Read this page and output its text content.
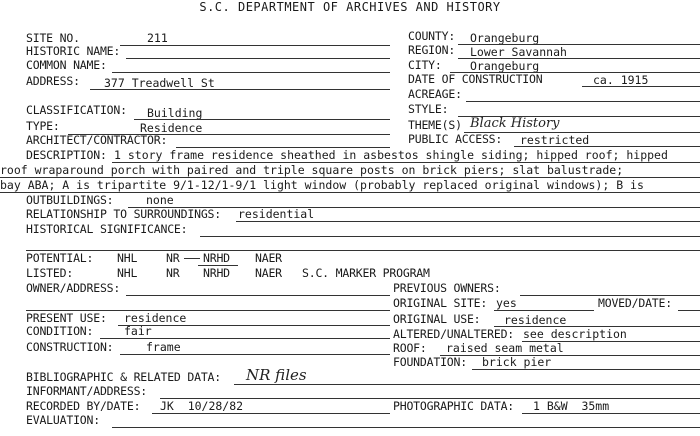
S.C. DEPARTMENT OF ARCHIVES AND HISTORY
SITE NO.	211
HISTORIC NAME:
COMMON NAME:
ADDRESS: 377 Treadwell St
CLASSIFICATION: Building
TYPE:	Residence
ARCHITECT/CONTRACTOR:
COUNTY: Orangeburg
REGION: Lower Savannah
CITY: Orangeburg
DATE OF CONSTRUCTION	ca. 1915
ACREAGE:
STYLE:
THEME(S) Black History
PUBLIC ACCESS: restricted
DESCRIPTION: 1 story frame residence sheathed in asbestos shingle siding; hipped roof; hipped
roof wraparound porch with paired and triple square posts on brick piers; slat balustrade;
bay ABA; A is tripartite 9/1-12/1-9/1 light window (probably replaced original windows); B is
OUTBUILDINGS:	none
RELATIONSHIP TO SURROUNDINGS: residential
HISTORICAL SIGNIFICANCE:
POTENTIAL: NHL	NR NRHD NAER
LISTED:	NHL	NR NRHD NAER S.C. MARKER PROGRAM
OWNER/ADDRESS:	PREVIOUS OWNERS:
ORIGINAL SITE: yes	MOVED/DATE:
PRESENT USE: residence	ORIGINAL USE: residence
CONDITION:	fair	ALTERED/UNALTERED: see description
CONSTRUCTION:	frame	ROOF: raised seam metal
FOUNDATION: brick pier
BIBLIOGRAPHIC & RELATED DATA: NR files
INFORMANT/ADDRESS:
RECORDED BY/DATE: JK  10/28/82	PHOTOGRAPHIC DATA: 1 B&W  35mm
EVALUATION:
